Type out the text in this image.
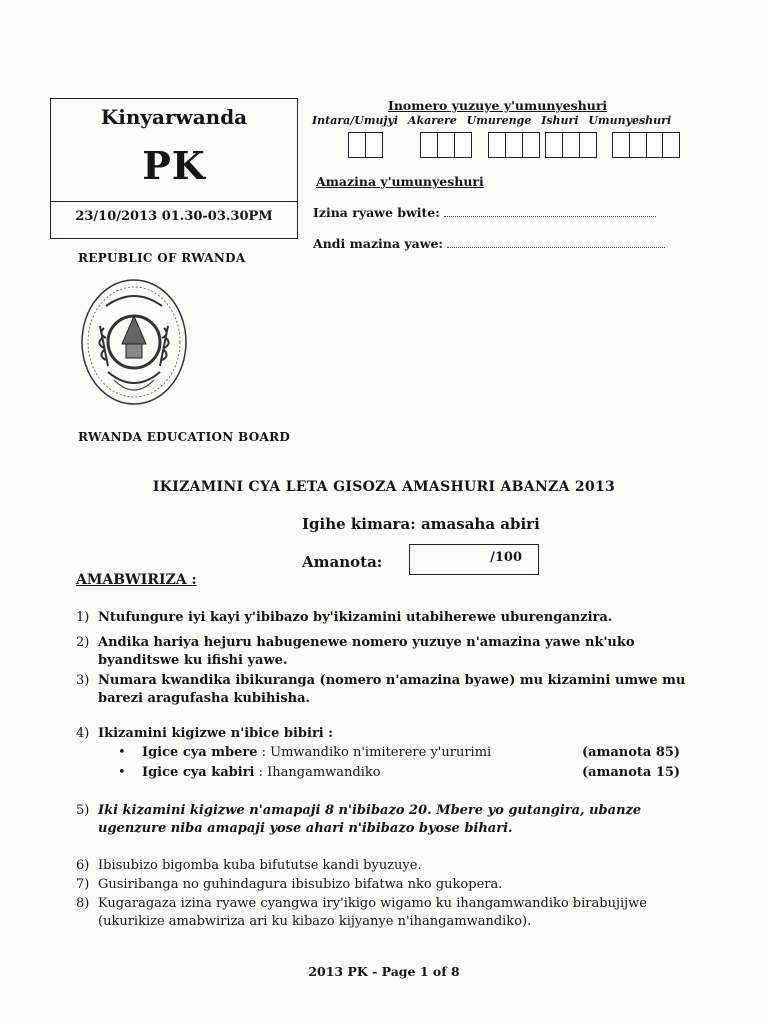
Kinyarwanda
PK
23/10/2013 01.30-03.30PM
Inomero yuzuye y'umunyeshuri
Intara/Umujyi Akarere Umurenge Ishuri Umunyeshuri
Amazina y'umunyeshuri
Izina ryawe bwite:
Andi mazina yawe:
REPUBLIC OF RWANDA
RWANDA EDUCATION BOARD
IKIZAMINI CYA LETA GISOZA AMASHURI ABANZA 2013
Igihe kimara: amasaha abiri
Amanota:	/100
AMABWIRIZA :
1) Ntufungure iyi kayi y'ibibazo by'ikizamini utabiherewe uburenganzira.
2) Andika hariya hejuru habugenewe nomero yuzuye n'amazina yawe nk'uko byanditswe ku ifishi yawe.
3) Numara kwandika ibikuranga (nomero n'amazina byawe) mu kizamini umwe mu barezi aragufasha kubihisha.
4) Ikizamini kigizwe n'ibice bibiri :
• Igice cya mbere : Umwandiko n'imiterere y'ururimi	(amanota 85)
• Igice cya kabiri : Ihangamwandiko	(amanota 15)
5) Iki kizamini kigizwe n'amapaji 8 n'ibibazo 20. Mbere yo gutangira, ubanze ugenzure niba amapaji yose ahari n'ibibazo byose bihari.
6) Ibisubizo bigomba kuba bifututse kandi byuzuye.
7) Gusiribanga no guhindagura ibisubizo bifatwa nko gukopera.
8) Kugaragaza izina ryawe cyangwa iry'ikigo wigamo ku ihangamwandiko birabujijwe (ukurikize amabwiriza ari ku kibazo kijyanye n'ihangamwandiko).
2013 PK - Page 1 of 8
